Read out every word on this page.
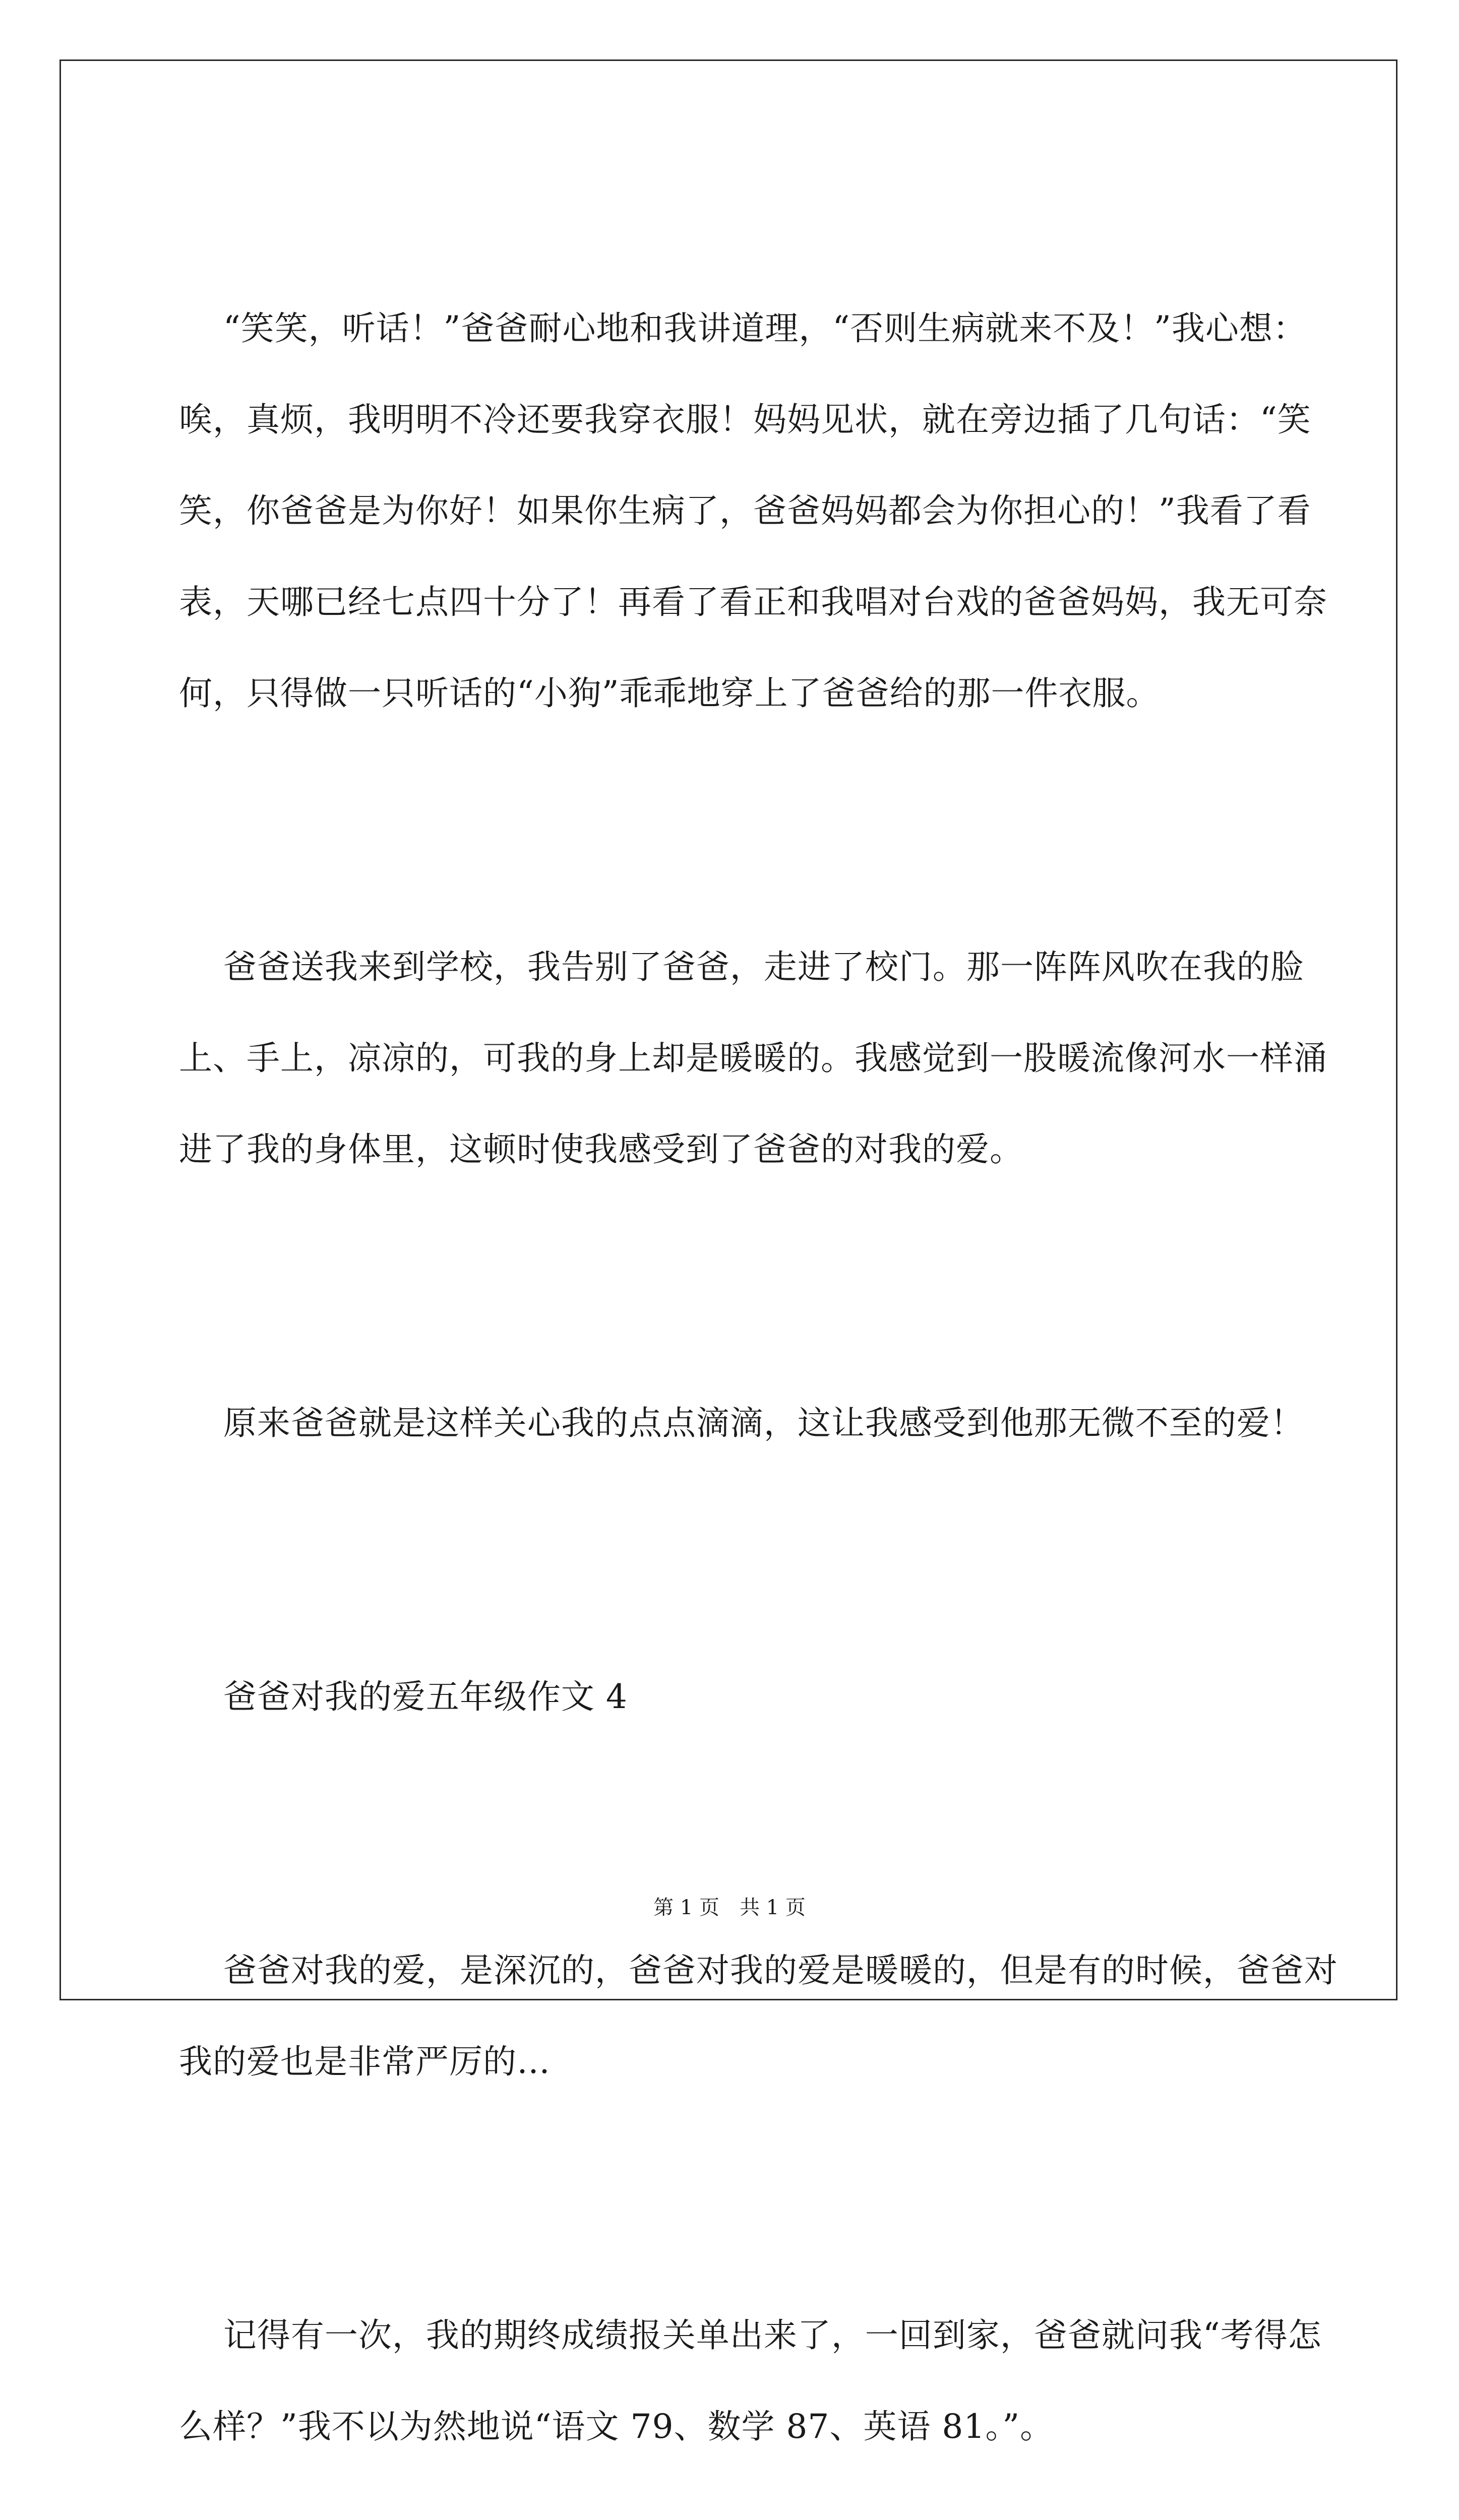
“笑笑，听话！”爸爸耐心地和我讲道理，“否则生病就来不及！”我心想：唉，真烦，我明明不冷还要我穿衣服！妈妈见状，就在旁边插了几句话：“笑笑，你爸爸是为你好！如果你生病了，爸爸妈妈都会为你担心的！”我看了看表，天哪已经七点四十分了！再看了看正和我唱对台戏的爸爸妈妈，我无可奈何，只得做一只听话的“小狗”乖乖地穿上了爸爸给的那一件衣服。

爸爸送我来到学校，我告别了爸爸，走进了校门。那一阵阵风吹在我的脸上、手上，凉凉的，可我的身上却是暖暖的。我感觉到一股暖流像河水一样涌进了我的身体里，这顿时使我感受到了爸爸的对我的爱。

原来爸爸就是这样关心我的点点滴滴，这让我感受到他那无微不至的爱！

爸爸对我的爱五年级作文 4

爸爸对我的爱，是深沉的，爸爸对我的爱是暖暖的，但是有的时候，爸爸对我的爱也是非常严厉的…

记得有一次，我的期终成绩报关单出来了，一回到家，爸爸就问我“考得怎么样？”我不以为然地说“语文 79、数学 87、英语 81。”。

第 1 页 共 1 页
